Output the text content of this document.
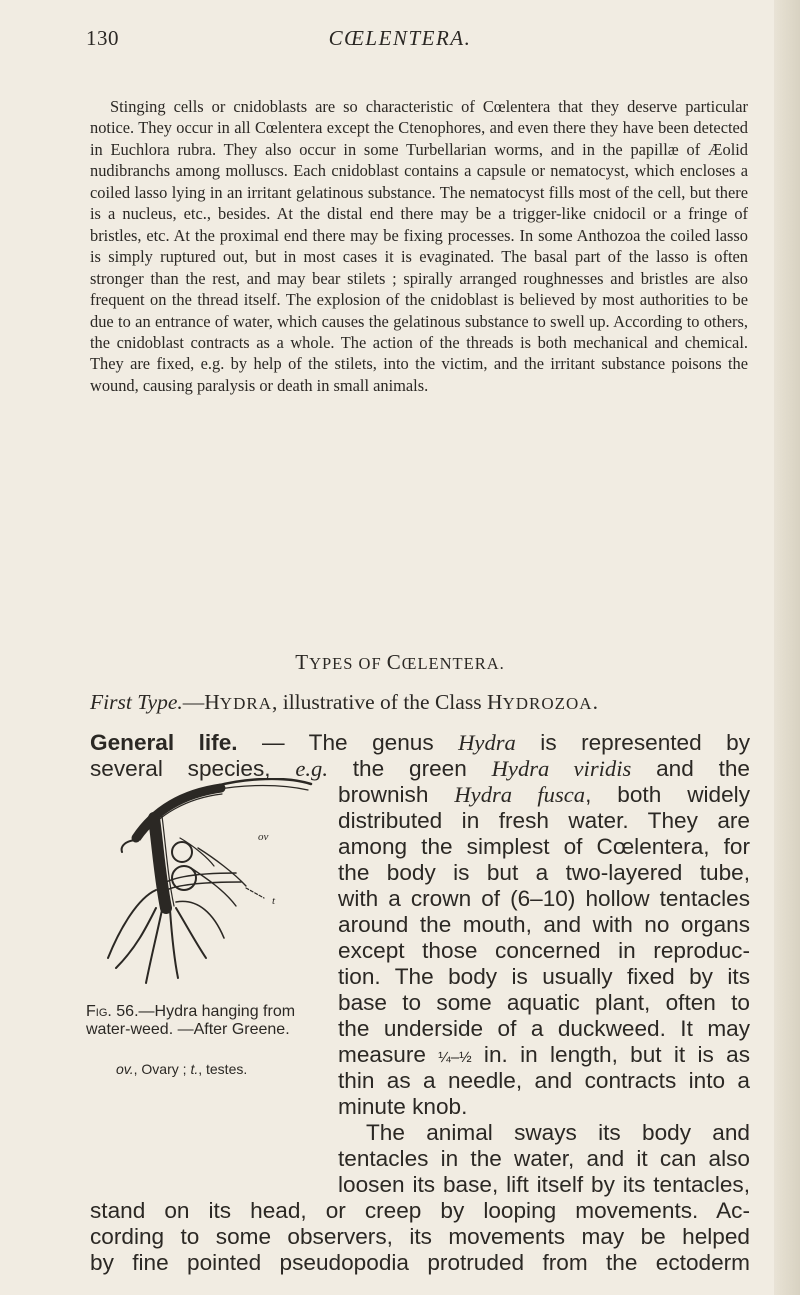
130	CŒLENTERA.

Stinging cells or cnidoblasts are so characteristic of Cœlentera that they deserve particular notice. They occur in all Cœlentera except the Ctenophores, and even there they have been detected in Euchlora rubra. They also occur in some Turbellarian worms, and in the papillæ of Æolid nudibranchs among molluscs. Each cnidoblast contains a capsule or nematocyst, which encloses a coiled lasso lying in an irritant gelatinous substance. The nematocyst fills most of the cell, but there is a nucleus, etc., besides. At the distal end there may be a trigger-like cnidocil or a fringe of bristles, etc. At the proximal end there may be fixing processes. In some Anthozoa the coiled lasso is simply ruptured out, but in most cases it is evaginated. The basal part of the lasso is often stronger than the rest, and may bear stilets ; spirally arranged roughnesses and bristles are also frequent on the thread itself. The explosion of the cnidoblast is believed by most authorities to be due to an entrance of water, which causes the gelatinous substance to swell up. According to others, the cnidoblast contracts as a whole. The action of the threads is both mechanical and chemical. They are fixed, e.g. by help of the stilets, into the victim, and the irritant substance poisons the wound, causing paralysis or death in small animals.

TYPES OF CŒLENTERA.

First Type.—HYDRA, illustrative of the Class HYDROZOA.

General life. — The genus Hydra is represented by
several species, e.g. the green Hydra viridis and the
brownish Hydra fusca, both widely
distributed in fresh water. They are
among the simplest of Cœlentera, for
the body is but a two-layered tube,
with a crown of (6–10) hollow tentacles
around the mouth, and with no organs
except those concerned in reproduc-
tion. The body is usually fixed by its
base to some aquatic plant, often to
the underside of a duckweed. It may
measure ¼–½ in. in length, but it is as
thin as a needle, and contracts into a
minute knob.
The animal sways its body and
tentacles in the water, and it can also
loosen its base, lift itself by its tentacles,
stand on its head, or creep by looping movements. Ac-
cording to some observers, its movements may be helped
by fine pointed pseudopodia protruded from the ectoderm
ov
t

Fig. 56.—Hydra hanging from water-weed. —After Greene.

ov., Ovary ; t., testes.
